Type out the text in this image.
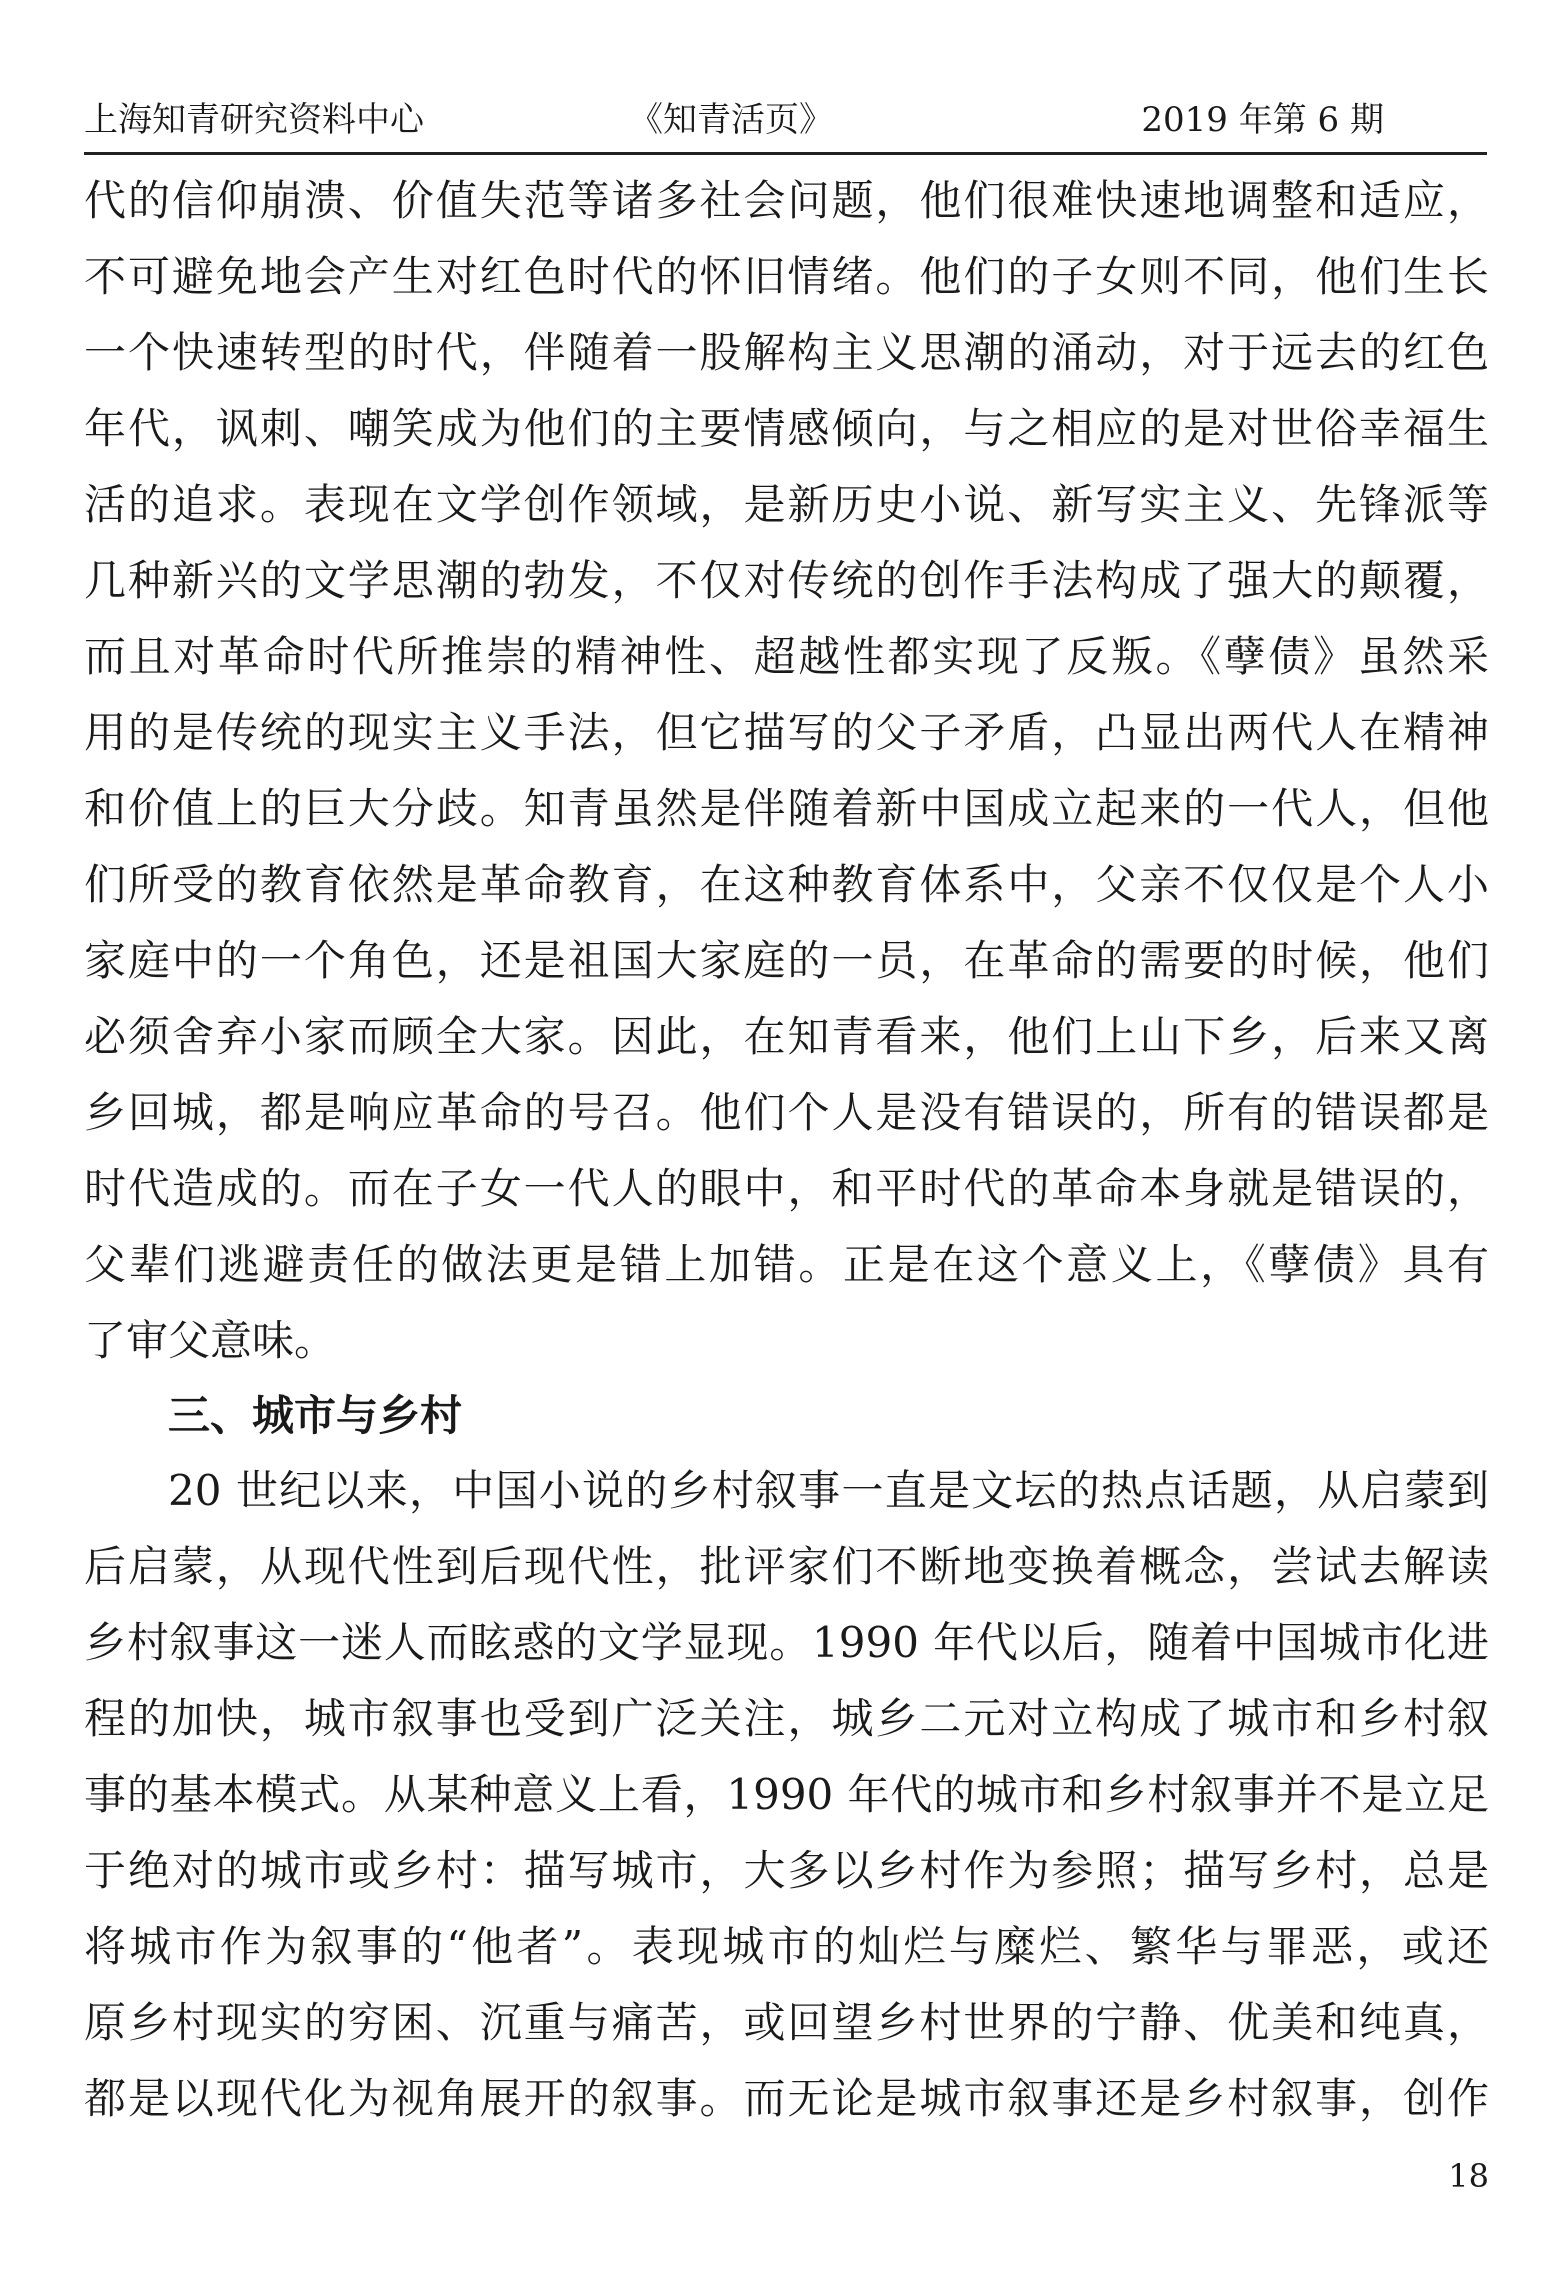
上海知青研究资料中心	《知青活页》	2019 年第 6 期
代的信仰崩溃、价值失范等诸多社会问题，他们很难快速地调整和适应，
不可避免地会产生对红色时代的怀旧情绪。他们的子女则不同，他们生长
一个快速转型的时代，伴随着一股解构主义思潮的涌动，对于远去的红色
年代，讽刺、嘲笑成为他们的主要情感倾向，与之相应的是对世俗幸福生
活的追求。表现在文学创作领域，是新历史小说、新写实主义、先锋派等
几种新兴的文学思潮的勃发，不仅对传统的创作手法构成了强大的颠覆，
而且对革命时代所推崇的精神性、超越性都实现了反叛。《孽债》虽然采
用的是传统的现实主义手法，但它描写的父子矛盾，凸显出两代人在精神
和价值上的巨大分歧。知青虽然是伴随着新中国成立起来的一代人，但他
们所受的教育依然是革命教育，在这种教育体系中，父亲不仅仅是个人小
家庭中的一个角色，还是祖国大家庭的一员，在革命的需要的时候，他们
必须舍弃小家而顾全大家。因此，在知青看来，他们上山下乡，后来又离
乡回城，都是响应革命的号召。他们个人是没有错误的，所有的错误都是
时代造成的。而在子女一代人的眼中，和平时代的革命本身就是错误的，
父辈们逃避责任的做法更是错上加错。正是在这个意义上，《孽债》具有
了审父意味。
三、城市与乡村
20 世纪以来，中国小说的乡村叙事一直是文坛的热点话题，从启蒙到
后启蒙，从现代性到后现代性，批评家们不断地变换着概念，尝试去解读
乡村叙事这一迷人而眩惑的文学显现。1990 年代以后，随着中国城市化进
程的加快，城市叙事也受到广泛关注，城乡二元对立构成了城市和乡村叙
事的基本模式。从某种意义上看，1990 年代的城市和乡村叙事并不是立足
于绝对的城市或乡村：描写城市，大多以乡村作为参照；描写乡村，总是
将城市作为叙事的“他者”。表现城市的灿烂与糜烂、繁华与罪恶，或还
原乡村现实的穷困、沉重与痛苦，或回望乡村世界的宁静、优美和纯真，
都是以现代化为视角展开的叙事。而无论是城市叙事还是乡村叙事，创作
18
